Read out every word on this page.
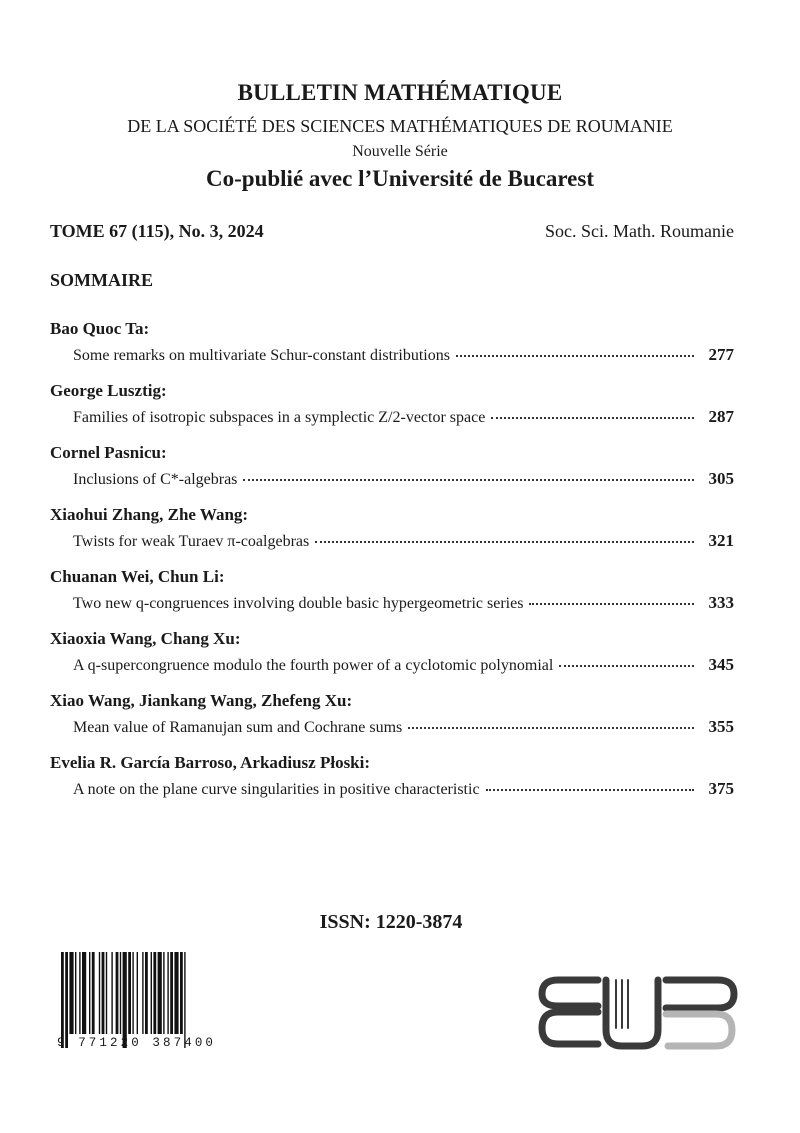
BULLETIN MATHÉMATIQUE
DE LA SOCIÉTÉ DES SCIENCES MATHÉMATIQUES DE ROUMANIE
Nouvelle Série
Co-publié avec l’Université de Bucarest
TOME 67 (115), No. 3, 2024	Soc. Sci. Math. Roumanie
SOMMAIRE
Bao Quoc Ta:
Some remarks on multivariate Schur-constant distributions	277
George Lusztig:
Families of isotropic subspaces in a symplectic Z/2-vector space	287
Cornel Pasnicu:
Inclusions of C*-algebras	305
Xiaohui Zhang, Zhe Wang:
Twists for weak Turaev π-coalgebras	321
Chuanan Wei, Chun Li:
Two new q-congruences involving double basic hypergeometric series	333
Xiaoxia Wang, Chang Xu:
A q-supercongruence modulo the fourth power of a cyclotomic polynomial	345
Xiao Wang, Jiankang Wang, Zhefeng Xu:
Mean value of Ramanujan sum and Cochrane sums	355
Evelia R. García Barroso, Arkadiusz Płoski:
A note on the plane curve singularities in positive characteristic	375
ISSN: 1220-3874
9 771220 387400
